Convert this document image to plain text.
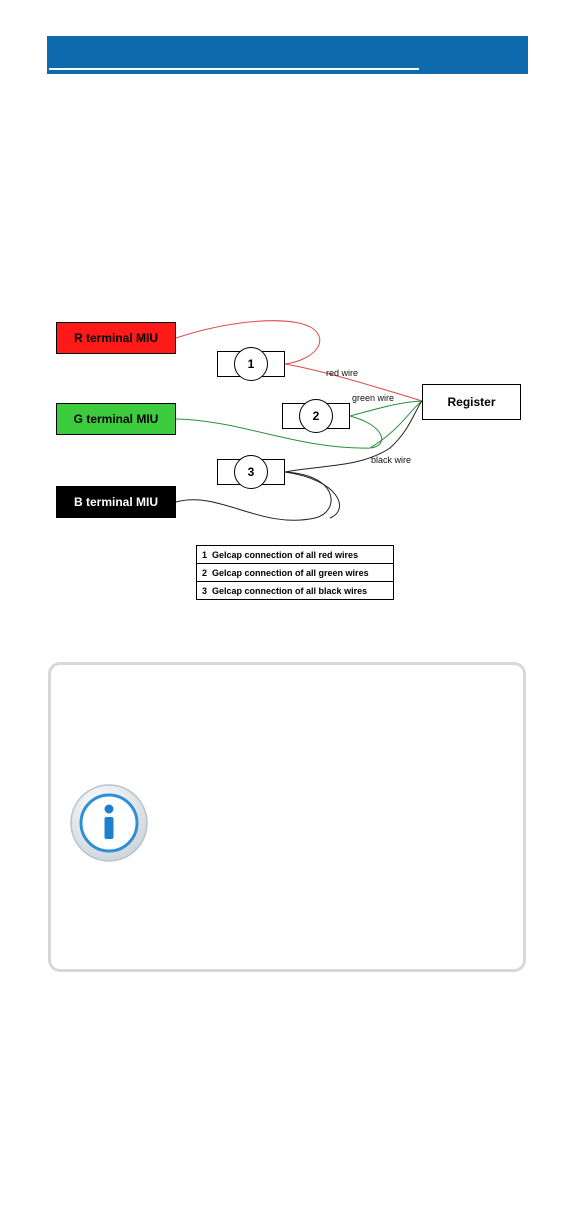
R terminal MIU
G terminal MIU
B terminal MIU
1
2
3
Register
red wire
green wire
black wire
1 Gelcap connection of all red wires
2 Gelcap connection of all green wires
3 Gelcap connection of all black wires
